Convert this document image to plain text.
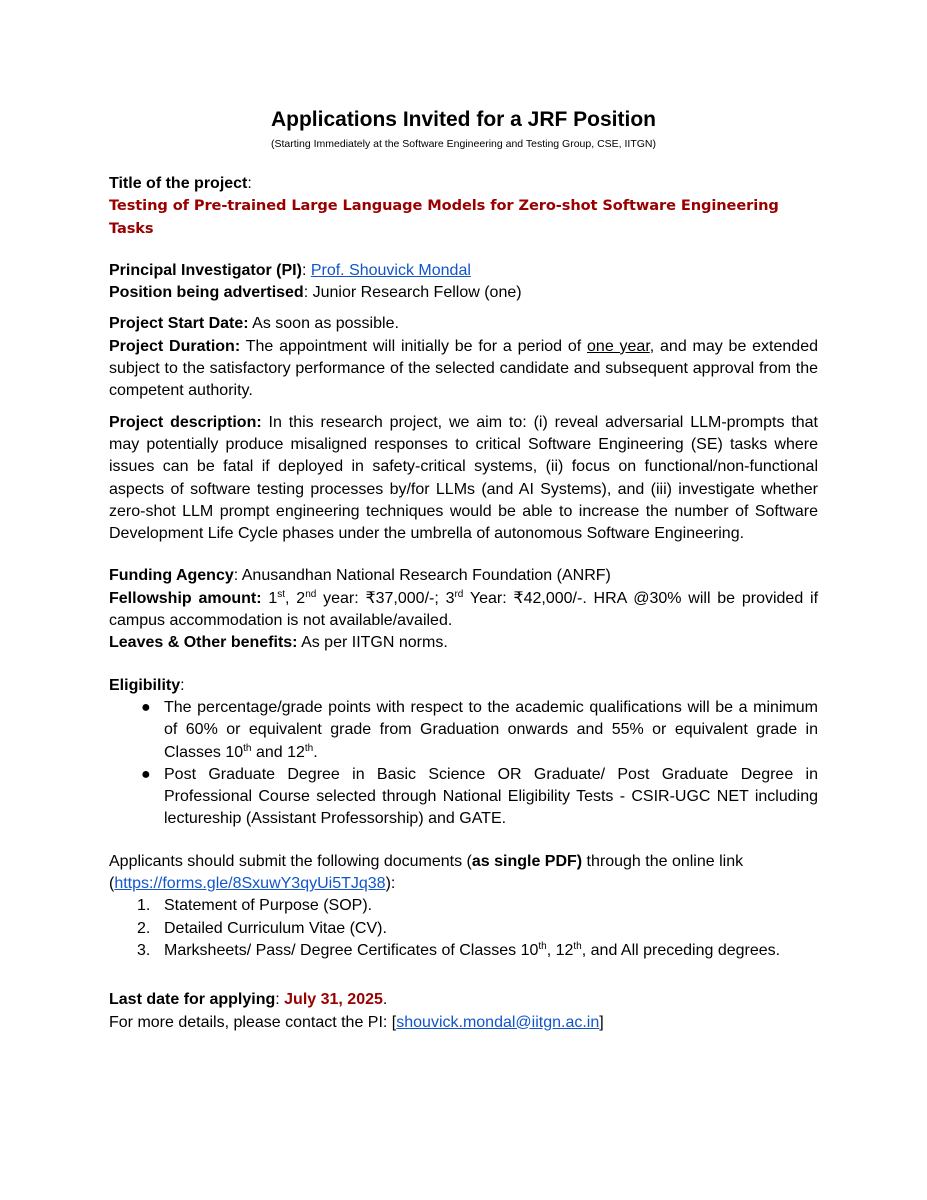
Applications Invited for a JRF Position
(Starting Immediately at the Software Engineering and Testing Group, CSE, IITGN)

Title of the project:

Testing of Pre-trained Large Language Models for Zero-shot Software Engineering Tasks

Principal Investigator (PI): Prof. Shouvick Mondal

Position being advertised: Junior Research Fellow (one)

Project Start Date: As soon as possible.

Project Duration: The appointment will initially be for a period of one year, and may be extended subject to the satisfactory performance of the selected candidate and subsequent approval from the competent authority.

Project description: In this research project, we aim to: (i) reveal adversarial LLM-prompts that may potentially produce misaligned responses to critical Software Engineering (SE) tasks where issues can be fatal if deployed in safety-critical systems, (ii) focus on functional/non-functional aspects of software testing processes by/for LLMs (and AI Systems), and (iii) investigate whether zero-shot LLM prompt engineering techniques would be able to increase the number of Software Development Life Cycle phases under the umbrella of autonomous Software Engineering.

Funding Agency: Anusandhan National Research Foundation (ANRF)

Fellowship amount: 1st, 2nd year: ₹37,000/-; 3rd Year: ₹42,000/-. HRA @30% will be provided if campus accommodation is not available/availed.

Leaves & Other benefits: As per IITGN norms.

Eligibility:

● The percentage/grade points with respect to the academic qualifications will be a minimum of 60% or equivalent grade from Graduation onwards and 55% or equivalent grade in Classes 10th and 12th.
● Post Graduate Degree in Basic Science OR Graduate/ Post Graduate Degree in Professional Course selected through National Eligibility Tests - CSIR-UGC NET including lectureship (Assistant Professorship) and GATE.

Applicants should submit the following documents (as single PDF) through the online link

(https://forms.gle/8SxuwY3qyUi5TJq38):

1. Statement of Purpose (SOP).
2. Detailed Curriculum Vitae (CV).
3. Marksheets/ Pass/ Degree Certificates of Classes 10th, 12th, and All preceding degrees.

Last date for applying: July 31, 2025.

For more details, please contact the PI: [shouvick.mondal@iitgn.ac.in]
